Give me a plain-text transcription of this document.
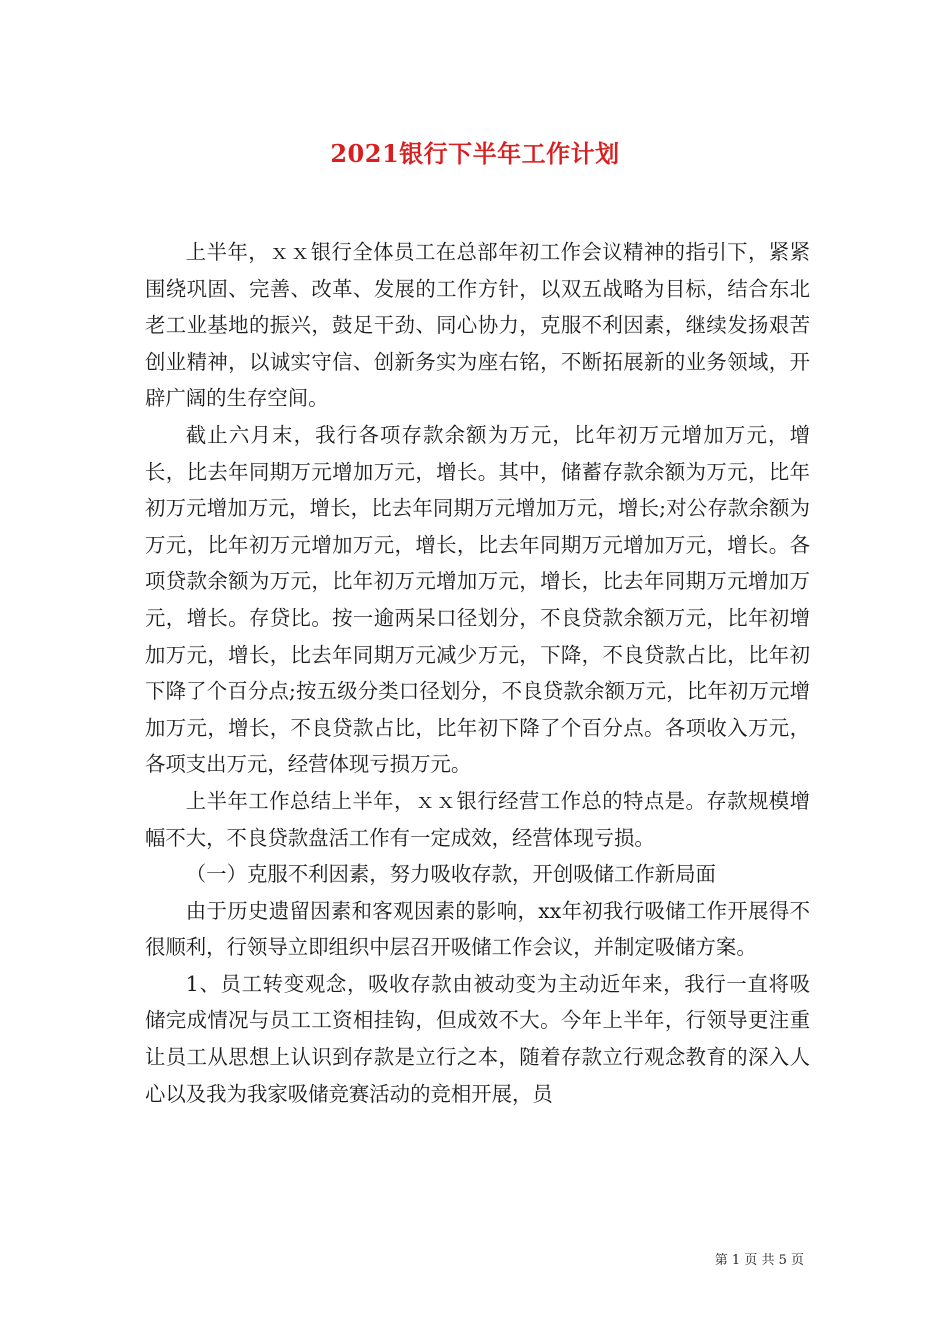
2021银行下半年工作计划

上半年，ｘｘ银行全体员工在总部年初工作会议精神的指引下，紧紧围绕巩固、完善、改革、发展的工作方针，以双五战略为目标，结合东北老工业基地的振兴，鼓足干劲、同心协力，克服不利因素，继续发扬艰苦创业精神，以诚实守信、创新务实为座右铭，不断拓展新的业务领域，开辟广阔的生存空间。

截止六月末，我行各项存款余额为万元，比年初万元增加万元，增长，比去年同期万元增加万元，增长。其中，储蓄存款余额为万元，比年初万元增加万元，增长，比去年同期万元增加万元，增长;对公存款余额为万元，比年初万元增加万元，增长，比去年同期万元增加万元，增长。各项贷款余额为万元，比年初万元增加万元，增长，比去年同期万元增加万元，增长。存贷比。按一逾两呆口径划分，不良贷款余额万元，比年初增加万元，增长，比去年同期万元减少万元，下降，不良贷款占比，比年初下降了个百分点;按五级分类口径划分，不良贷款余额万元，比年初万元增加万元，增长，不良贷款占比，比年初下降了个百分点。各项收入万元，各项支出万元，经营体现亏损万元。

上半年工作总结上半年，ｘｘ银行经营工作总的特点是。存款规模增幅不大，不良贷款盘活工作有一定成效，经营体现亏损。

（一）克服不利因素，努力吸收存款，开创吸储工作新局面

由于历史遗留因素和客观因素的影响，xx年初我行吸储工作开展得不很顺利，行领导立即组织中层召开吸储工作会议，并制定吸储方案。

1、员工转变观念，吸收存款由被动变为主动近年来，我行一直将吸储完成情况与员工工资相挂钩，但成效不大。今年上半年，行领导更注重让员工从思想上认识到存款是立行之本，随着存款立行观念教育的深入人心以及我为我家吸储竞赛活动的竞相开展，员

第 1 页 共 5 页
